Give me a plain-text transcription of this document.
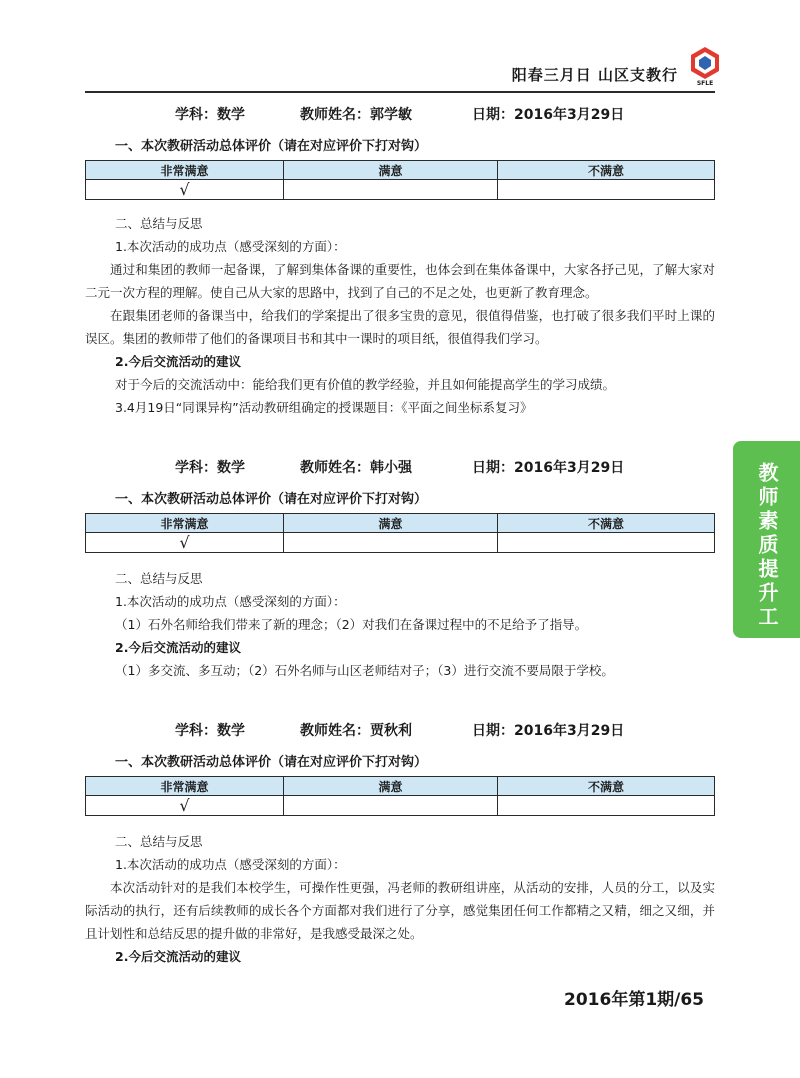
阳春三月日 山区支教行	SFLE
教师素质提升工程
学科：数学	教师姓名：郭学敏	日期：2016年3月29日
一、本次教研活动总体评价（请在对应评价下打对钩）
非常满意	满意	不满意
√		

二、总结与反思

1.本次活动的成功点（感受深刻的方面）：

通过和集团的教师一起备课，了解到集体备课的重要性，也体会到在集体备课中，大家各抒己见，了解大家对二元一次方程的理解。使自己从大家的思路中，找到了自己的不足之处，也更新了教育理念。

在跟集团老师的备课当中，给我们的学案提出了很多宝贵的意见，很值得借鉴，也打破了很多我们平时上课的误区。集团的教师带了他们的备课项目书和其中一课时的项目纸，很值得我们学习。

2.今后交流活动的建议

对于今后的交流活动中：能给我们更有价值的教学经验，并且如何能提高学生的学习成绩。

3.4月19日“同课异构”活动教研组确定的授课题目：《平面之间坐标系复习》

学科：数学	教师姓名：韩小强	日期：2016年3月29日
一、本次教研活动总体评价（请在对应评价下打对钩）
非常满意	满意	不满意
√		

二、总结与反思

1.本次活动的成功点（感受深刻的方面）：

（1）石外名师给我们带来了新的理念；（2）对我们在备课过程中的不足给予了指导。

2.今后交流活动的建议

（1）多交流、多互动；（2）石外名师与山区老师结对子；（3）进行交流不要局限于学校。

学科：数学	教师姓名：贾秋利	日期：2016年3月29日
一、本次教研活动总体评价（请在对应评价下打对钩）
非常满意	满意	不满意
√		

二、总结与反思

1.本次活动的成功点（感受深刻的方面）：

本次活动针对的是我们本校学生，可操作性更强，冯老师的教研组讲座，从活动的安排，人员的分工，以及实际活动的执行，还有后续教师的成长各个方面都对我们进行了分享，感觉集团任何工作都精之又精，细之又细，并且计划性和总结反思的提升做的非常好，是我感受最深之处。

2.今后交流活动的建议

2016年第1期/65
